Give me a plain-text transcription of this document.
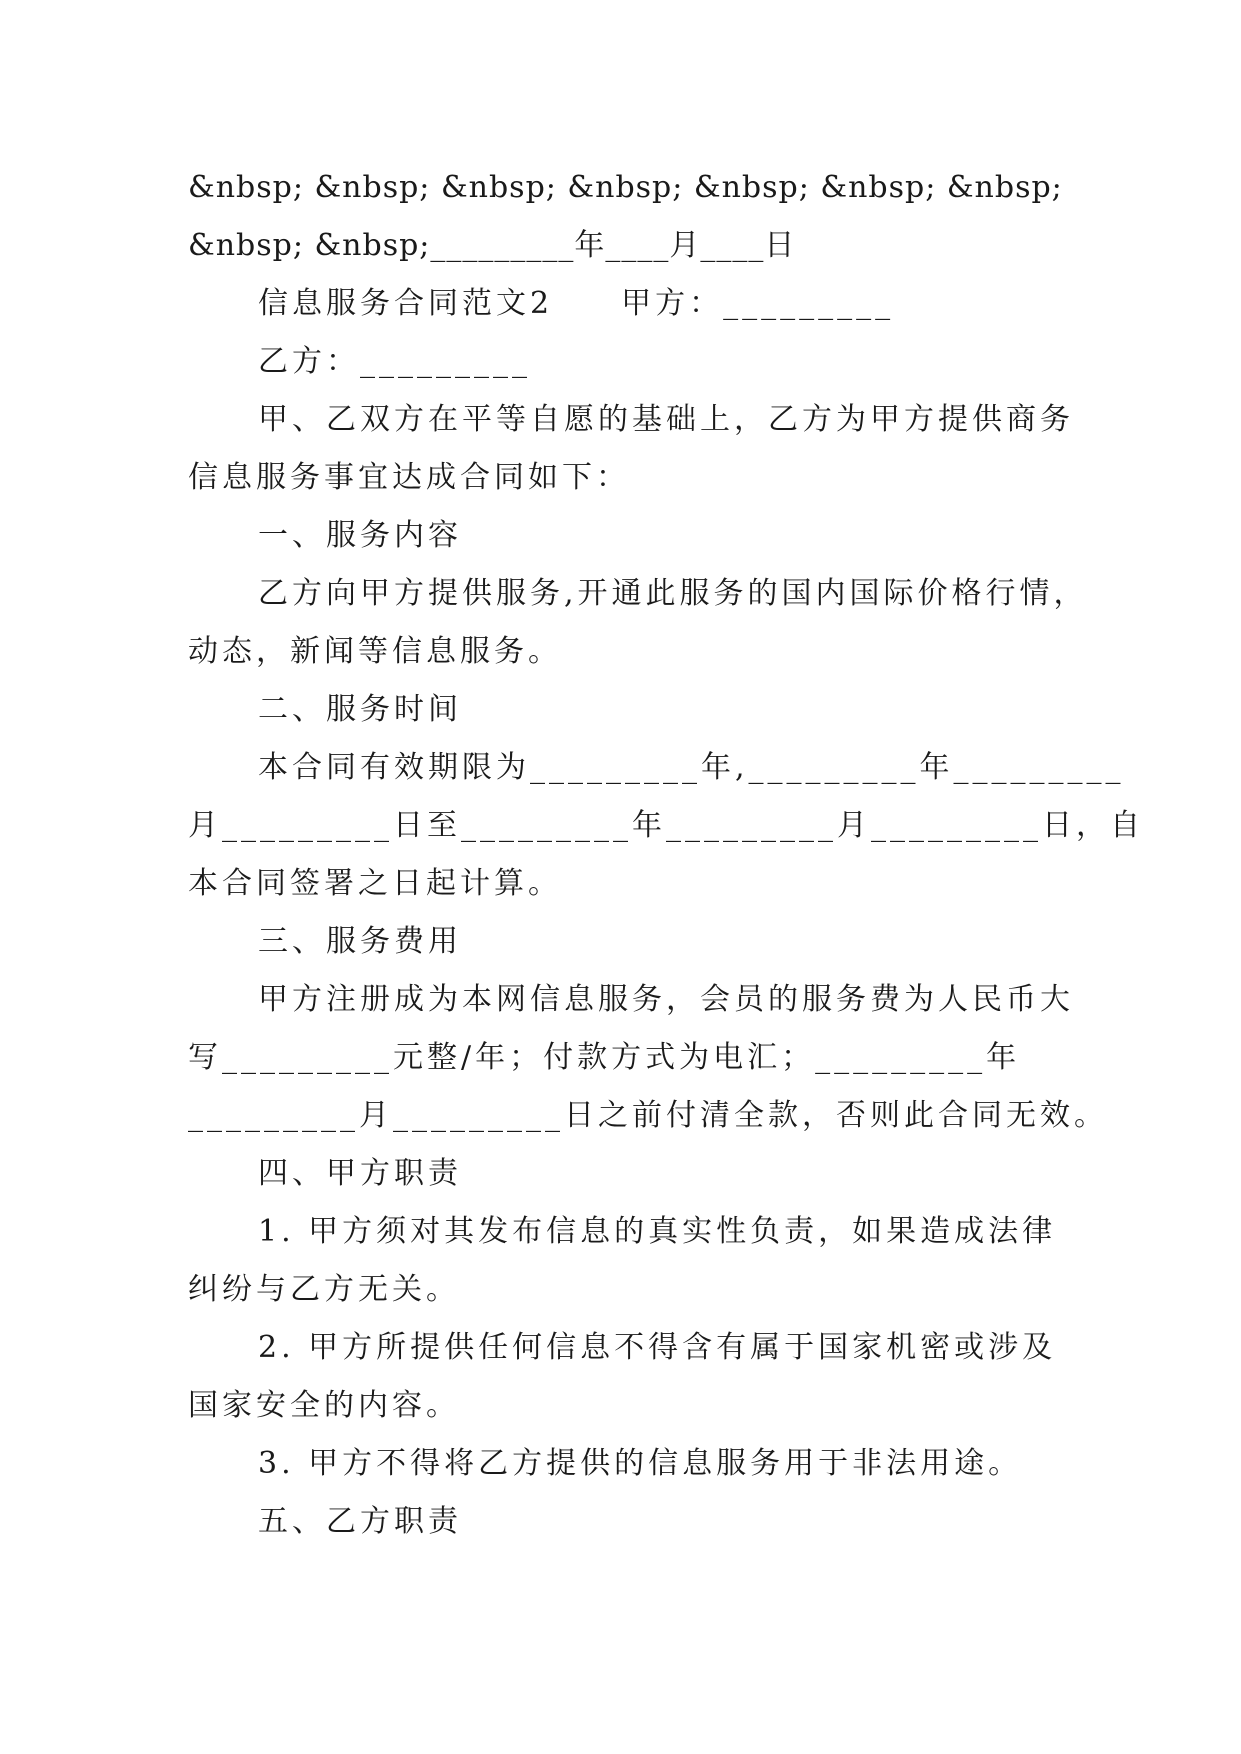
&nbsp; &nbsp; &nbsp; &nbsp; &nbsp; &nbsp; &nbsp;
&nbsp; &nbsp;_________年____月____日
信息服务合同范文2　　甲方：_________
乙方：_________
甲、乙双方在平等自愿的基础上，乙方为甲方提供商务
信息服务事宜达成合同如下：
一、服务内容
乙方向甲方提供服务,开通此服务的国内国际价格行情，
动态，新闻等信息服务。
二、服务时间
本合同有效期限为_________年,_________年_________
月_________日至_________年_________月_________日，自
本合同签署之日起计算。
三、服务费用
甲方注册成为本网信息服务，会员的服务费为人民币大
写_________元整/年；付款方式为电汇；_________年
_________月_________日之前付清全款，否则此合同无效。
四、甲方职责
1. 甲方须对其发布信息的真实性负责，如果造成法律
纠纷与乙方无关。
2. 甲方所提供任何信息不得含有属于国家机密或涉及
国家安全的内容。
3. 甲方不得将乙方提供的信息服务用于非法用途。
五、乙方职责
